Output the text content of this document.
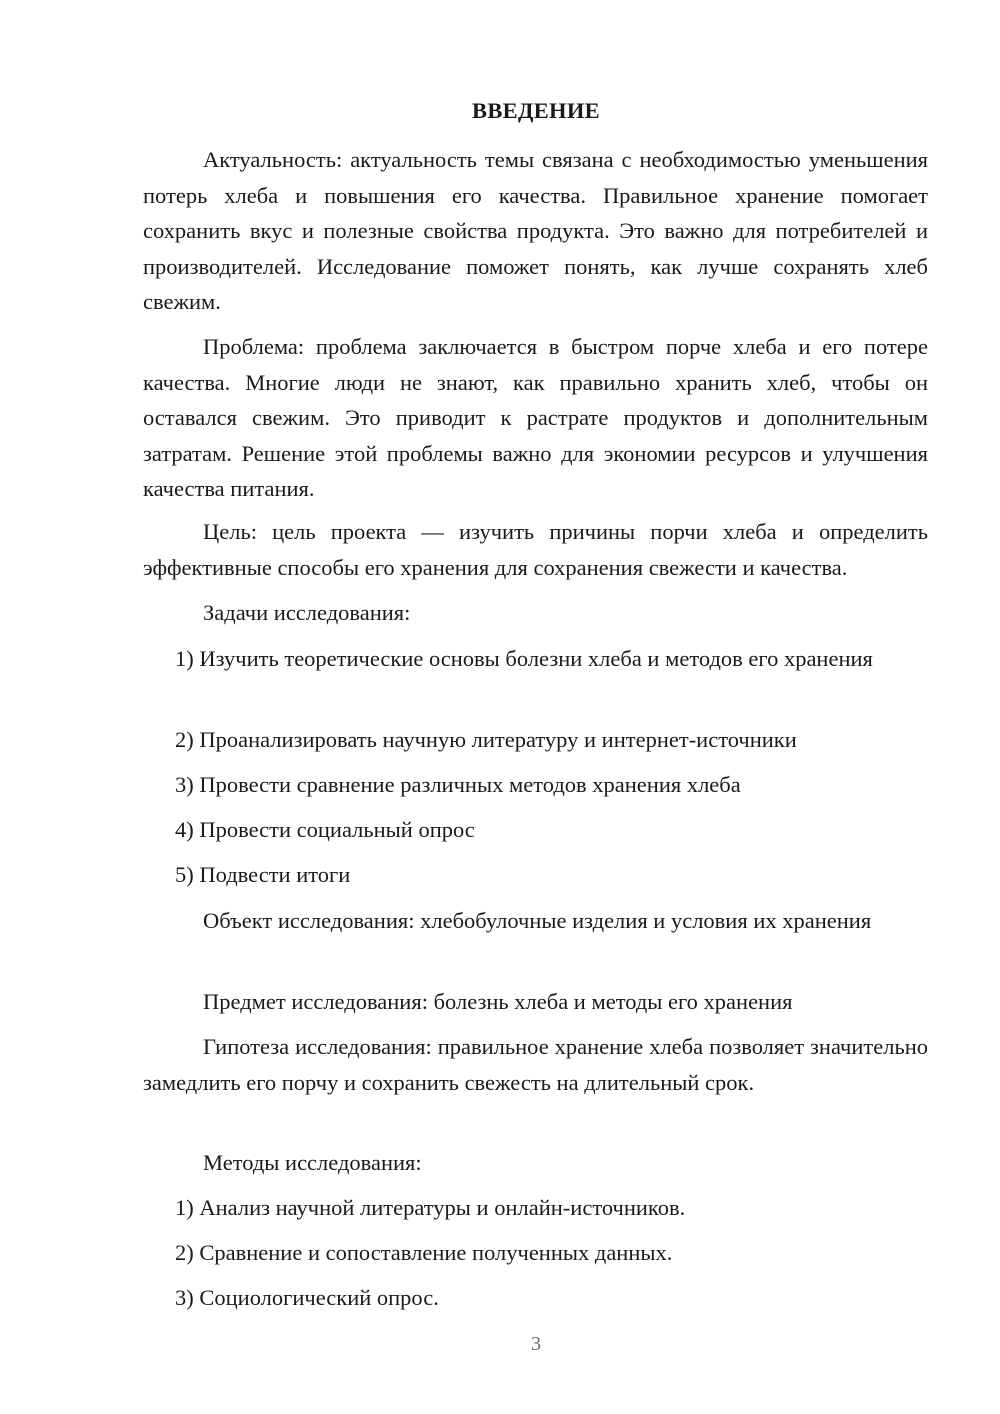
ВВЕДЕНИЕ

Актуальность: актуальность темы связана с необходимостью уменьшения потерь хлеба и повышения его качества. Правильное хранение помогает сохранить вкус и полезные свойства продукта. Это важно для потребителей и производителей. Исследование поможет понять, как лучше сохранять хлеб свежим.

Проблема: проблема заключается в быстром порче хлеба и его потере качества. Многие люди не знают, как правильно хранить хлеб, чтобы он оставался свежим. Это приводит к растрате продуктов и дополнительным затратам. Решение этой проблемы важно для экономии ресурсов и улучшения качества питания.

Цель: цель проекта — изучить причины порчи хлеба и определить эффективные способы его хранения для сохранения свежести и качества.

Задачи исследования:

1) Изучить теоретические основы болезни хлеба и методов его хранения

2) Проанализировать научную литературу и интернет-источники

3) Провести сравнение различных методов хранения хлеба

4) Провести социальный опрос

5) Подвести итоги

Объект исследования: хлебобулочные изделия и условия их хранения

Предмет исследования: болезнь хлеба и методы его хранения

Гипотеза исследования: правильное хранение хлеба позволяет значительно замедлить его порчу и сохранить свежесть на длительный срок.

Методы исследования:

1) Анализ научной литературы и онлайн-источников.

2) Сравнение и сопоставление полученных данных.

3) Социологический опрос.

3
